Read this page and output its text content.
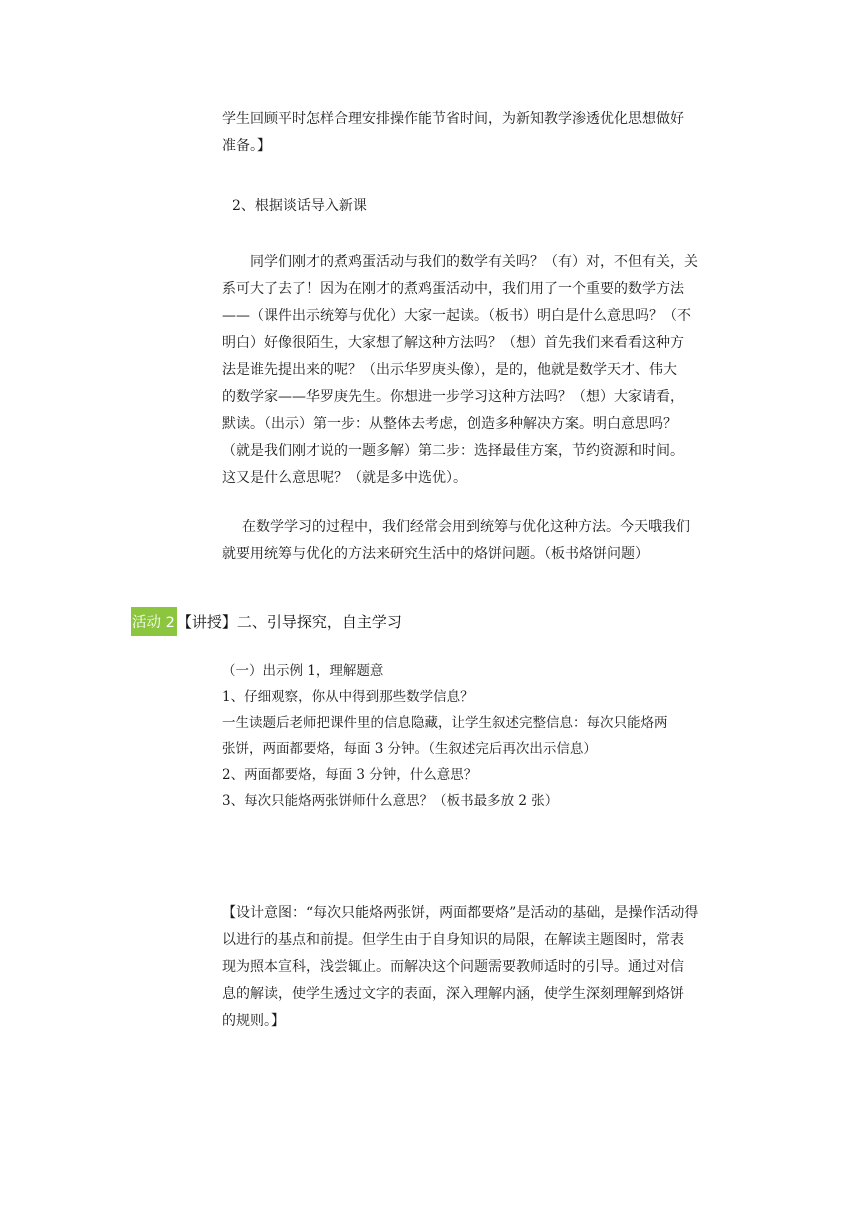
学生回顾平时怎样合理安排操作能节省时间，为新知教学渗透优化思想做好
准备。】
2、根据谈话导入新课
同学们刚才的煮鸡蛋活动与我们的数学有关吗？（有）对，不但有关，关
系可大了去了！因为在刚才的煮鸡蛋活动中，我们用了一个重要的数学方法
——（课件出示统筹与优化）大家一起读。（板书）明白是什么意思吗？（不
明白）好像很陌生，大家想了解这种方法吗？（想）首先我们来看看这种方
法是谁先提出来的呢？（出示华罗庚头像），是的，他就是数学天才、伟大
的数学家——华罗庚先生。你想进一步学习这种方法吗？（想）大家请看，
默读。（出示）第一步：从整体去考虑，创造多种解决方案。明白意思吗？
（就是我们刚才说的一题多解）第二步：选择最佳方案，节约资源和时间。
这又是什么意思呢？（就是多中选优）。
在数学学习的过程中，我们经常会用到统筹与优化这种方法。今天哦我们
就要用统筹与优化的方法来研究生活中的烙饼问题。（板书烙饼问题）
活动 2 【讲授】二、引导探究，自主学习
（一）出示例 1，理解题意
1、仔细观察，你从中得到那些数学信息？
一生读题后老师把课件里的信息隐藏，让学生叙述完整信息：每次只能烙两
张饼，两面都要烙，每面 3 分钟。（生叙述完后再次出示信息）
2、两面都要烙，每面 3 分钟，什么意思？
3、每次只能烙两张饼师什么意思？（板书最多放 2 张）
【设计意图：“每次只能烙两张饼，两面都要烙”是活动的基础，是操作活动得
以进行的基点和前提。但学生由于自身知识的局限，在解读主题图时，常表
现为照本宣科，浅尝辄止。而解决这个问题需要教师适时的引导。通过对信
息的解读，使学生透过文字的表面，深入理解内涵，使学生深刻理解到烙饼
的规则。】
